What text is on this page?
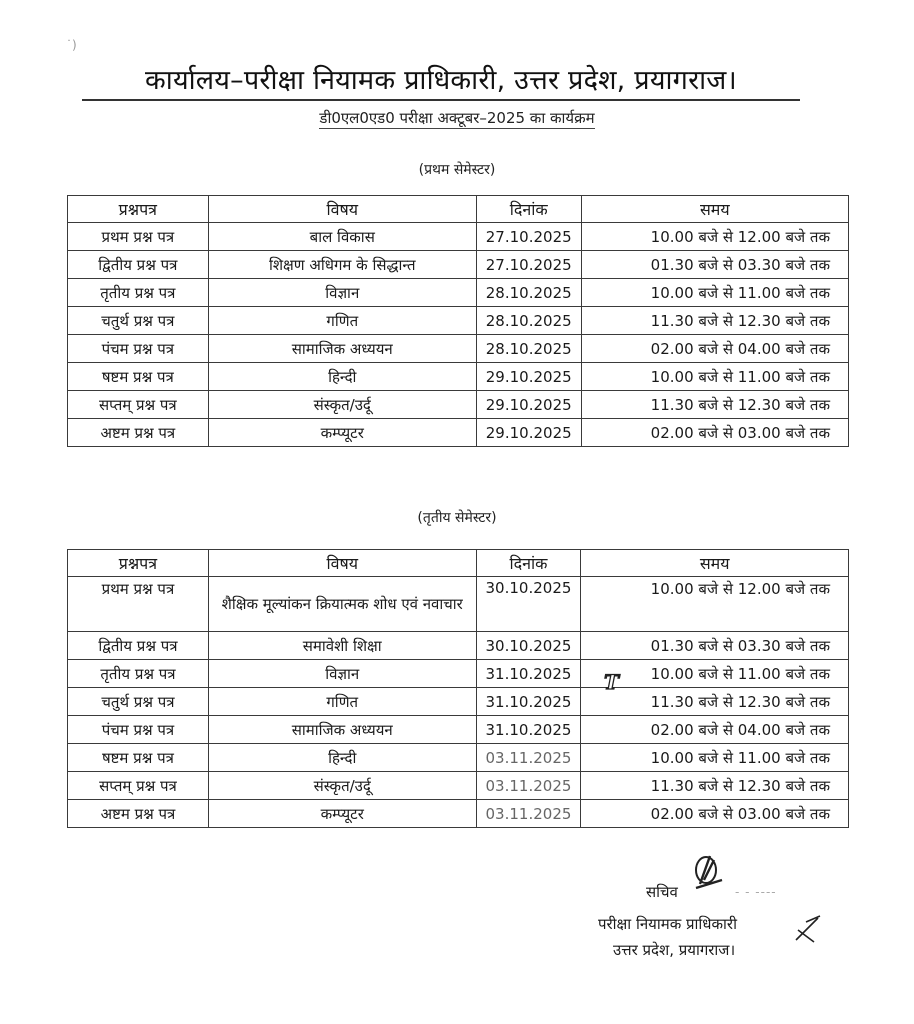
˙)
कार्यालय–परीक्षा नियामक प्राधिकारी, उत्तर प्रदेश, प्रयागराज।
डी0एल0एड0 परीक्षा अक्टूबर–2025 का कार्यक्रम
(प्रथम सेमेस्टर)
प्रश्नपत्र	विषय	दिनांक	समय
प्रथम प्रश्न पत्र	बाल विकास	27.10.2025	10.00 बजे से 12.00 बजे तक
द्वितीय प्रश्न पत्र	शिक्षण अधिगम के सिद्धान्त	27.10.2025	01.30 बजे से 03.30 बजे तक
तृतीय प्रश्न पत्र	विज्ञान	28.10.2025	10.00 बजे से 11.00 बजे तक
चतुर्थ प्रश्न पत्र	गणित	28.10.2025	11.30 बजे से 12.30 बजे तक
पंचम प्रश्न पत्र	सामाजिक अध्ययन	28.10.2025	02.00 बजे से 04.00 बजे तक
षष्टम प्रश्न पत्र	हिन्दी	29.10.2025	10.00 बजे से 11.00 बजे तक
सप्तम् प्रश्न पत्र	संस्कृत/उर्दू	29.10.2025	11.30 बजे से 12.30 बजे तक
अष्टम प्रश्न पत्र	कम्प्यूटर	29.10.2025	02.00 बजे से 03.00 बजे तक
(तृतीय सेमेस्टर)
प्रश्नपत्र	विषय	दिनांक	समय
प्रथम प्रश्न पत्र	शैक्षिक मूल्यांकन क्रियात्मक शोध एवं नवाचार	30.10.2025	10.00 बजे से 12.00 बजे तक
द्वितीय प्रश्न पत्र	समावेशी शिक्षा	30.10.2025	01.30 बजे से 03.30 बजे तक
तृतीय प्रश्न पत्र	विज्ञान	31.10.2025	10.00 बजे से 11.00 बजे तक
चतुर्थ प्रश्न पत्र	गणित	31.10.2025	11.30 बजे से 12.30 बजे तक
पंचम प्रश्न पत्र	सामाजिक अध्ययन	31.10.2025	02.00 बजे से 04.00 बजे तक
षष्टम प्रश्न पत्र	हिन्दी	03.11.2025	10.00 बजे से 11.00 बजे तक
सप्तम् प्रश्न पत्र	संस्कृत/उर्दू	03.11.2025	11.30 बजे से 12.30 बजे तक
अष्टम प्रश्न पत्र	कम्प्यूटर	03.11.2025	02.00 बजे से 03.00 बजे तक
T
सचिव	- - ----
परीक्षा नियामक प्राधिकारी
उत्तर प्रदेश, प्रयागराज।
